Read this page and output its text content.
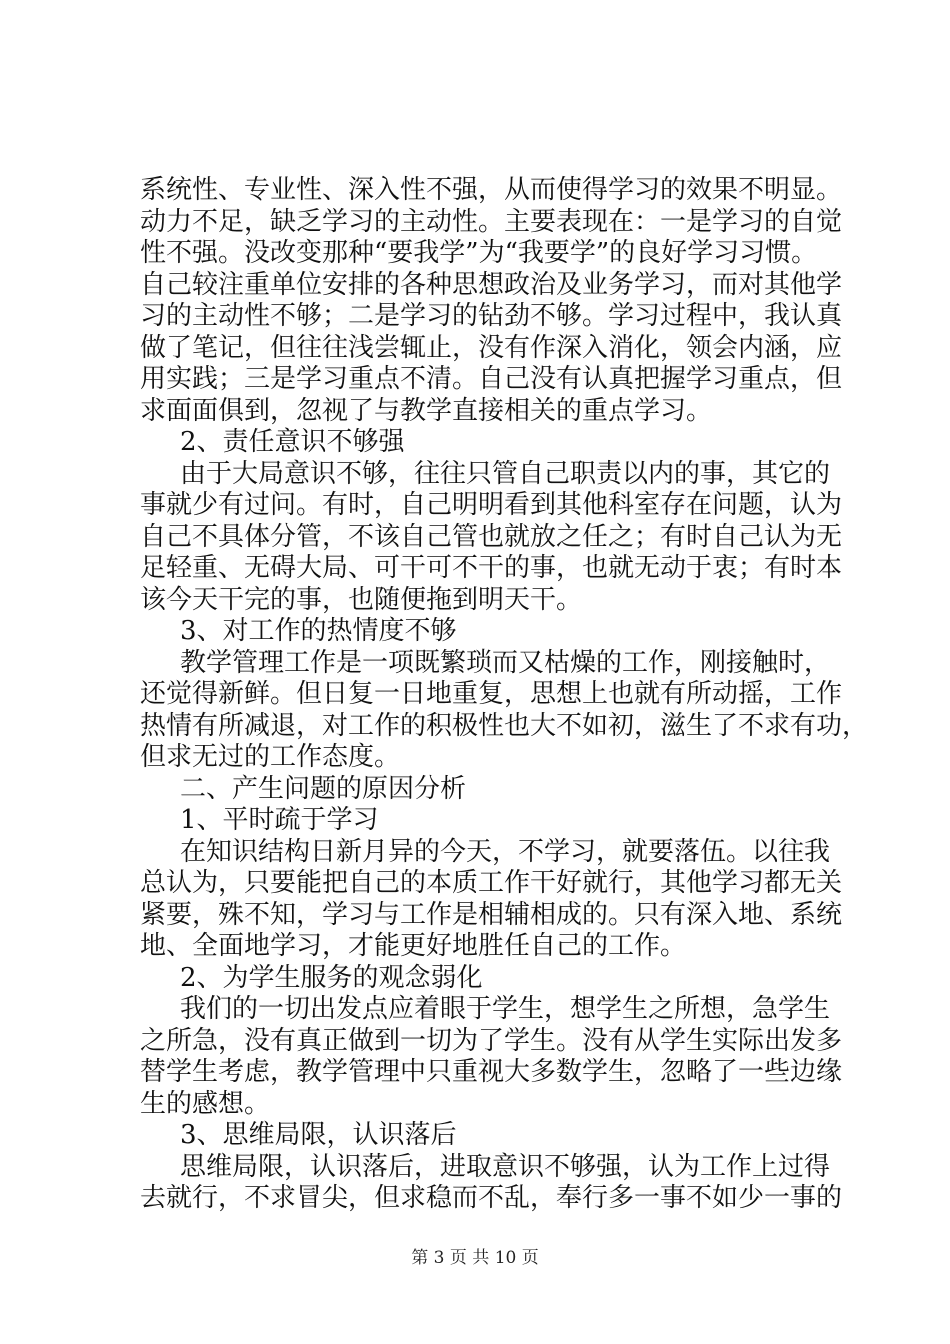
系统性、专业性、深入性不强，从而使得学习的效果不明显。
动力不足，缺乏学习的主动性。主要表现在：一是学习的自觉
性不强。没改变那种“要我学”为“我要学”的良好学习习惯。
自己较注重单位安排的各种思想政治及业务学习，而对其他学
习的主动性不够；二是学习的钻劲不够。学习过程中，我认真
做了笔记，但往往浅尝辄止，没有作深入消化，领会内涵，应
用实践；三是学习重点不清。自己没有认真把握学习重点，但
求面面俱到，忽视了与教学直接相关的重点学习。
2、责任意识不够强
由于大局意识不够，往往只管自己职责以内的事，其它的
事就少有过问。有时，自己明明看到其他科室存在问题，认为
自己不具体分管，不该自己管也就放之任之；有时自己认为无
足轻重、无碍大局、可干可不干的事，也就无动于衷；有时本
该今天干完的事，也随便拖到明天干。
3、对工作的热情度不够
教学管理工作是一项既繁琐而又枯燥的工作，刚接触时，
还觉得新鲜。但日复一日地重复，思想上也就有所动摇，工作
热情有所减退，对工作的积极性也大不如初，滋生了不求有功，
但求无过的工作态度。
二、产生问题的原因分析
1、平时疏于学习
在知识结构日新月异的今天，不学习，就要落伍。以往我
总认为，只要能把自己的本质工作干好就行，其他学习都无关
紧要，殊不知，学习与工作是相辅相成的。只有深入地、系统
地、全面地学习，才能更好地胜任自己的工作。
2、为学生服务的观念弱化
我们的一切出发点应着眼于学生，想学生之所想，急学生
之所急，没有真正做到一切为了学生。没有从学生实际出发多
替学生考虑，教学管理中只重视大多数学生，忽略了一些边缘
生的感想。
3、思维局限，认识落后
思维局限，认识落后，进取意识不够强，认为工作上过得
去就行，不求冒尖，但求稳而不乱，奉行多一事不如少一事的
第 3 页 共 10 页
